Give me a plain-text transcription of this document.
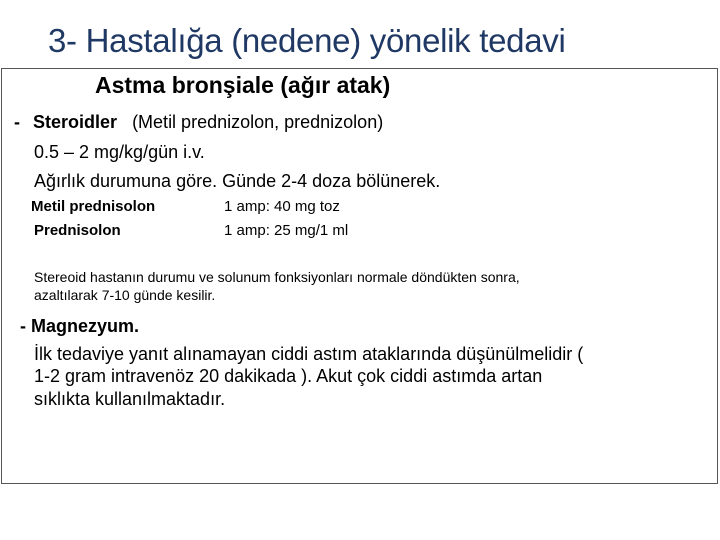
3- Hastalığa (nedene) yönelik tedavi
Astma bronşiale (ağır atak)
- Steroidler (Metil prednizolon, prednizolon)
0.5 – 2 mg/kg/gün i.v.
Ağırlık durumuna göre. Günde 2-4 doza bölünerek.
Metil prednisolon	1 amp: 40 mg toz
Prednisolon	1 amp: 25 mg/1 ml
Stereoid hastanın durumu ve solunum fonksiyonları normale döndükten sonra,
azaltılarak 7-10 günde kesilir.
- Magnezyum.
İlk tedaviye yanıt alınamayan ciddi astım ataklarında düşünülmelidir (
1-2 gram intravenöz 20 dakikada ). Akut çok ciddi astımda artan
sıklıkta kullanılmaktadır.
